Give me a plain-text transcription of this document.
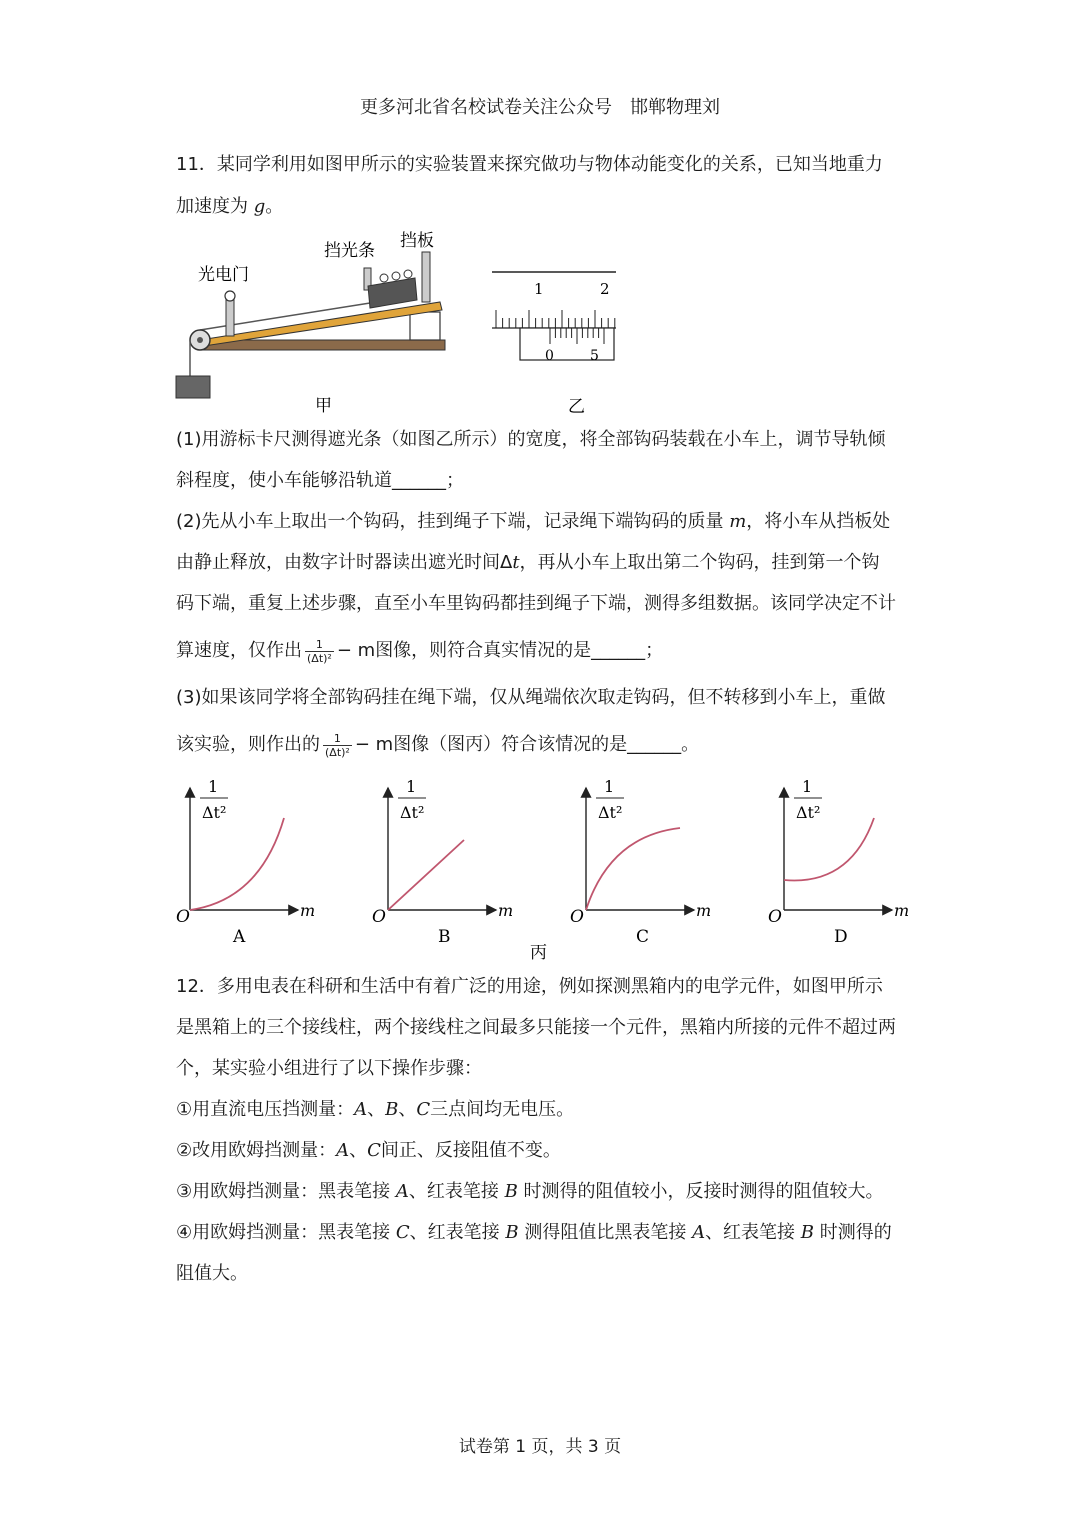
更多河北省名校试卷关注公众号　邯郸物理刘
11．某同学利用如图甲所示的实验装置来探究做功与物体动能变化的关系，已知当地重力
加速度为 g。
光电门
挡光条 挡板
甲
1	2
0	5
乙
(1)用游标卡尺测得遮光条（如图乙所示）的宽度，将全部钩码装载在小车上，调节导轨倾
斜程度，使小车能够沿轨道______；
(2)先从小车上取出一个钩码，挂到绳子下端，记录绳下端钩码的质量 m，将小车从挡板处
由静止释放，由数字计时器读出遮光时间Δt，再从小车上取出第二个钩码，挂到第一个钩
码下端，重复上述步骤，直至小车里钩码都挂到绳子下端，测得多组数据。该同学决定不计
算速度，仅作出 $\frac{1}{\text{(Δt)²}} - m$图像，则符合真实情况的是______；
(3)如果该同学将全部钩码挂在绳下端，仅从绳端依次取走钩码，但不转移到小车上，重做
该实验，则作出的 $\frac{1}{\text{(Δt)²}} - m$图像（图丙）符合该情况的是______。
1
Δt²
O	m
A
1
Δt²
O	m
B
1
Δt²
O	m
C
1
Δt²
O	m
D
丙
12．多用电表在科研和生活中有着广泛的用途，例如探测黑箱内的电学元件，如图甲所示
是黑箱上的三个接线柱，两个接线柱之间最多只能接一个元件，黑箱内所接的元件不超过两
个，某实验小组进行了以下操作步骤：
①用直流电压挡测量：A、B、C三点间均无电压。
②改用欧姆挡测量：A、C间正、反接阻值不变。
③用欧姆挡测量：黑表笔接 A、红表笔接 B 时测得的阻值较小，反接时测得的阻值较大。
④用欧姆挡测量：黑表笔接 C、红表笔接 B 测得阻值比黑表笔接 A、红表笔接 B 时测得的
阻值大。
试卷第 1 页，共 3 页
